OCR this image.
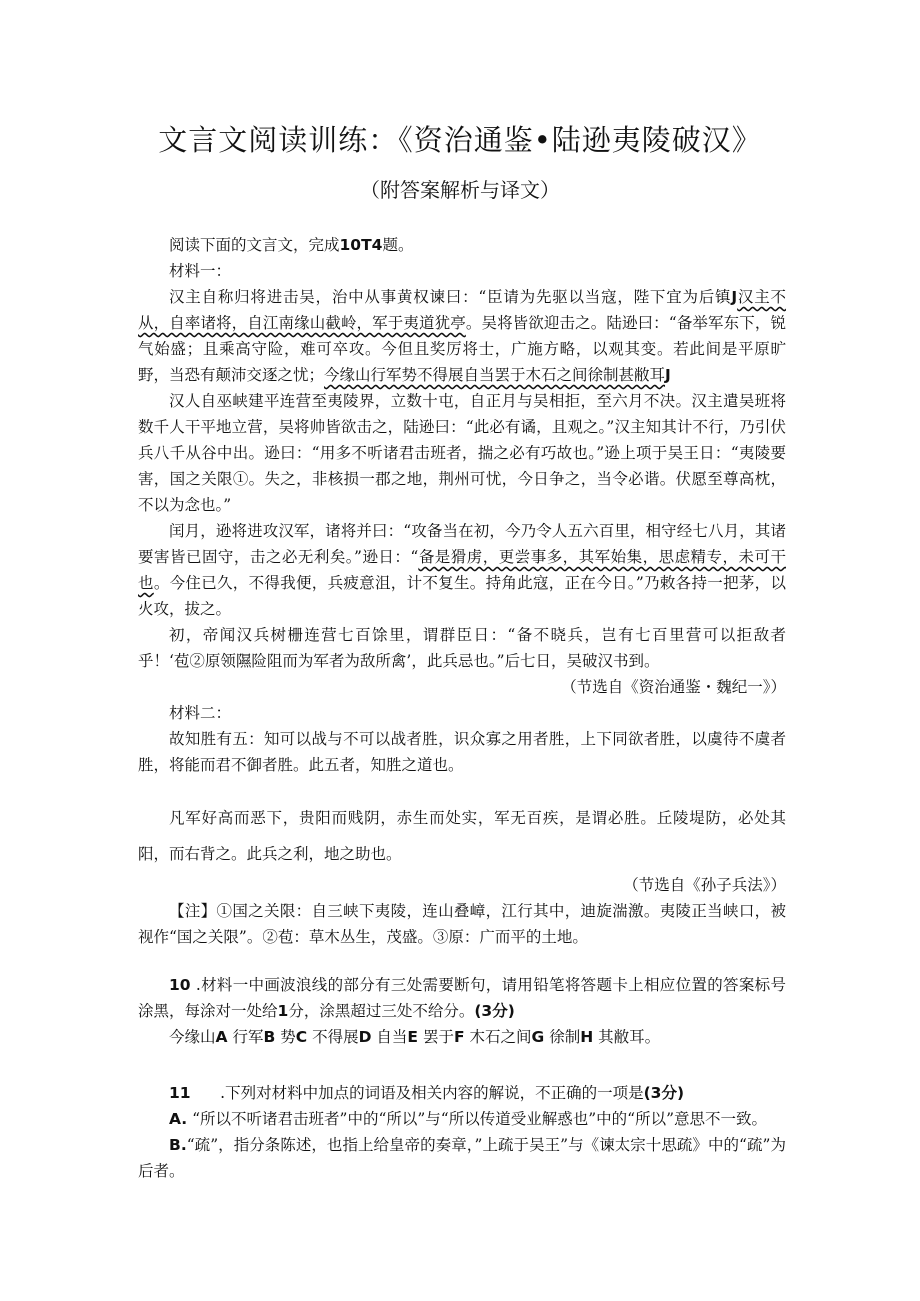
文言文阅读训练：《资治通鉴•陆逊夷陵破汉》
（附答案解析与译文）

阅读下面的文言文，完成10T4题。

材料一：

汉主自称归将进击吴，治中从事黄权谏曰：“臣请为先驱以当寇，陛下宜为后镇J汉主不从，自率诸将，自江南缘山截岭，军于夷道犹亭。吴将皆欲迎击之。陆逊曰：“备举军东下，锐气始盛；且乘高守险，难可卒攻。今但且奖厉将士，广施方略，以观其变。若此间是平原旷野，当恐有颠沛交逐之忧；今缘山行军势不得展自当罢于木石之间徐制甚敝耳J

汉人自巫峡建平连营至夷陵界，立数十屯，自正月与吴相拒，至六月不决。汉主遣吴班将数千人干平地立营，吴将帅皆欲击之，陆逊曰：“此必有谲，且观之。”汉主知其计不行，乃引伏兵八千从谷中出。逊曰：“用多不听诸君击班者，揣之必有巧故也。”逊上项于吴王日：“夷陵要害，国之关限①。失之，非核损一郡之地，荆州可忧，今日争之，当令必谐。伏愿至尊高枕，不以为念也。”

闰月，逊将进攻汉军，诸将并曰：“攻备当在初，今乃令人五六百里，相守经七八月，其诸要害皆已固守，击之必无利矣。”逊日：“备是猾虏，更尝事多，其军始集，思虑精专，未可干也。今住已久，不得我便，兵疲意沮，计不复生。持角此寇，正在今日。”乃敕各持一把茅，以火攻，拔之。

初，帝闻汉兵树栅连营七百馀里，谓群臣日：“备不晓兵，岂有七百里营可以拒敌者乎！‘苞②原领隰险阻而为军者为敌所禽’，此兵忌也。”后七日，吴破汉书到。

（节选自《资治通鉴・魏纪一》）

材料二：

故知胜有五：知可以战与不可以战者胜，识众寡之用者胜，上下同欲者胜，以虞待不虞者胜，将能而君不御者胜。此五者，知胜之道也。

凡军好高而恶下，贵阳而贱阴，赤生而处实，军无百疾，是谓必胜。丘陵堤防，必处其阳，而右背之。此兵之利，地之助也。

（节选自《孙子兵法》）

【注】①国之关限：自三峡下夷陵，连山叠嶂，江行其中，迪旋湍激。夷陵正当峡口，被视作“国之关限”。②苞：草木丛生，茂盛。③原：广而平的土地。

10 .材料一中画波浪线的部分有三处需要断句，请用铅笔将答题卡上相应位置的答案标号涂黑，每涂对一处给1分，涂黑超过三处不给分。(3分)

今缘山A 行军B 势C 不得展D 自当E 罢于F 木石之间G 徐制H 其敝耳。

11 .下列对材料中加点的词语及相关内容的解说，不正确的一项是(3分)

A. “所以不听诸君击班者”中的“所以”与“所以传道受业解惑也”中的“所以”意思不一致。

B.“疏”，指分条陈述，也指上给皇帝的奏章，”上疏于吴王”与《谏太宗十思疏》中的“疏”为后者。
